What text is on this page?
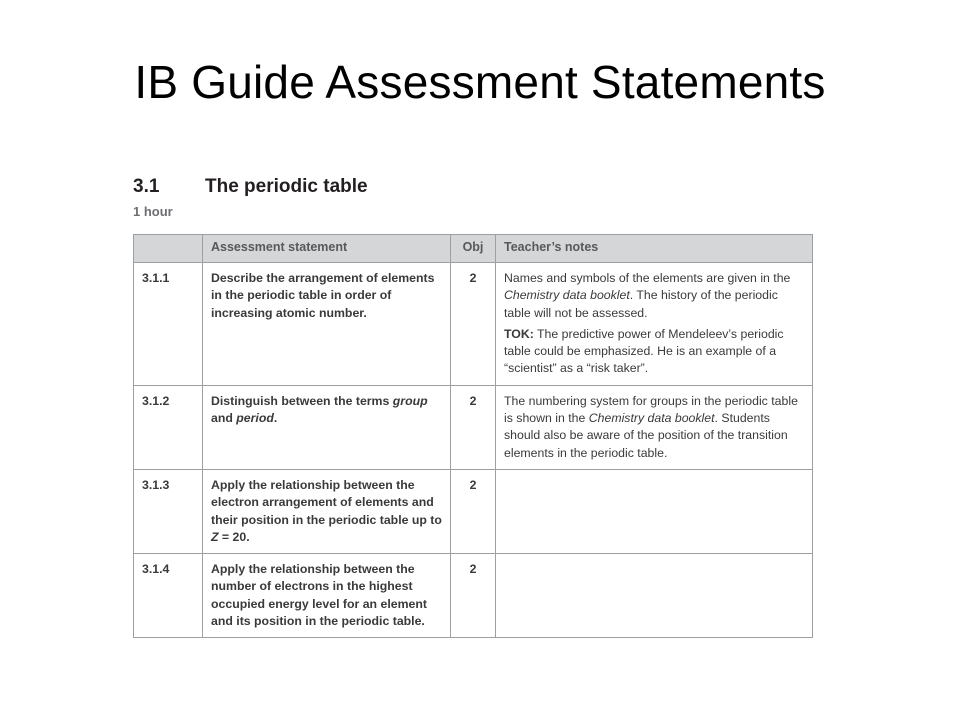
IB Guide Assessment Statements
3.1	The periodic table
1 hour
	Assessment statement	Obj	Teacher’s notes
3.1.1	Describe the arrangement of elements in the periodic table in order of increasing atomic number.	2	Names and symbols of the elements are given in the Chemistry data booklet. The history of the periodic table will not be assessed.
TOK: The predictive power of Mendeleev’s periodic table could be emphasized. He is an example of a “scientist” as a “risk taker”.

3.1.2	Distinguish between the terms group and period.	2	The numbering system for groups in the periodic table is shown in the Chemistry data booklet. Students should also be aware of the position of the transition elements in the periodic table.
3.1.3	Apply the relationship between the electron arrangement of elements and their position in the periodic table up to Z = 20.	2	
3.1.4	Apply the relationship between the number of electrons in the highest occupied energy level for an element and its position in the periodic table.	2	
